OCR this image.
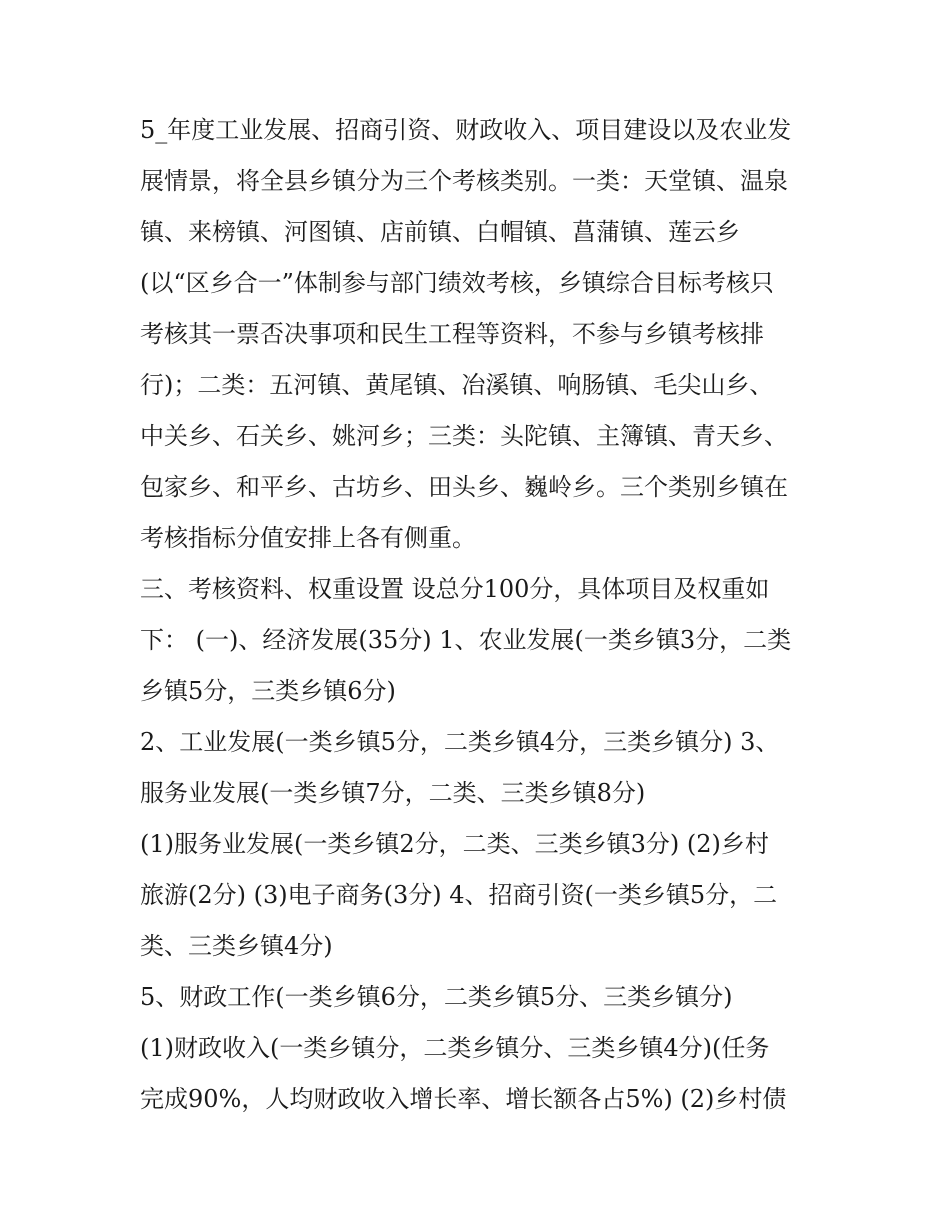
5_年度工业发展、招商引资、财政收入、项目建设以及农业发
展情景，将全县乡镇分为三个考核类别。一类：天堂镇、温泉
镇、来榜镇、河图镇、店前镇、白帽镇、菖蒲镇、莲云乡
(以“区乡合一”体制参与部门绩效考核，乡镇综合目标考核只
考核其一票否决事项和民生工程等资料，不参与乡镇考核排
行)；二类：五河镇、黄尾镇、冶溪镇、响肠镇、毛尖山乡、
中关乡、石关乡、姚河乡；三类：头陀镇、主簿镇、青天乡、
包家乡、和平乡、古坊乡、田头乡、巍岭乡。三个类别乡镇在
考核指标分值安排上各有侧重。
三、考核资料、权重设置 设总分100分，具体项目及权重如
下： (一)、经济发展(35分) 1、农业发展(一类乡镇3分，二类
乡镇5分，三类乡镇6分)
2、工业发展(一类乡镇5分，二类乡镇4分，三类乡镇分) 3、
服务业发展(一类乡镇7分，二类、三类乡镇8分)
(1)服务业发展(一类乡镇2分，二类、三类乡镇3分) (2)乡村
旅游(2分) (3)电子商务(3分) 4、招商引资(一类乡镇5分，二
类、三类乡镇4分)
5、财政工作(一类乡镇6分，二类乡镇5分、三类乡镇分)
(1)财政收入(一类乡镇分，二类乡镇分、三类乡镇4分)(任务
完成90%，人均财政收入增长率、增长额各占5%) (2)乡村债
